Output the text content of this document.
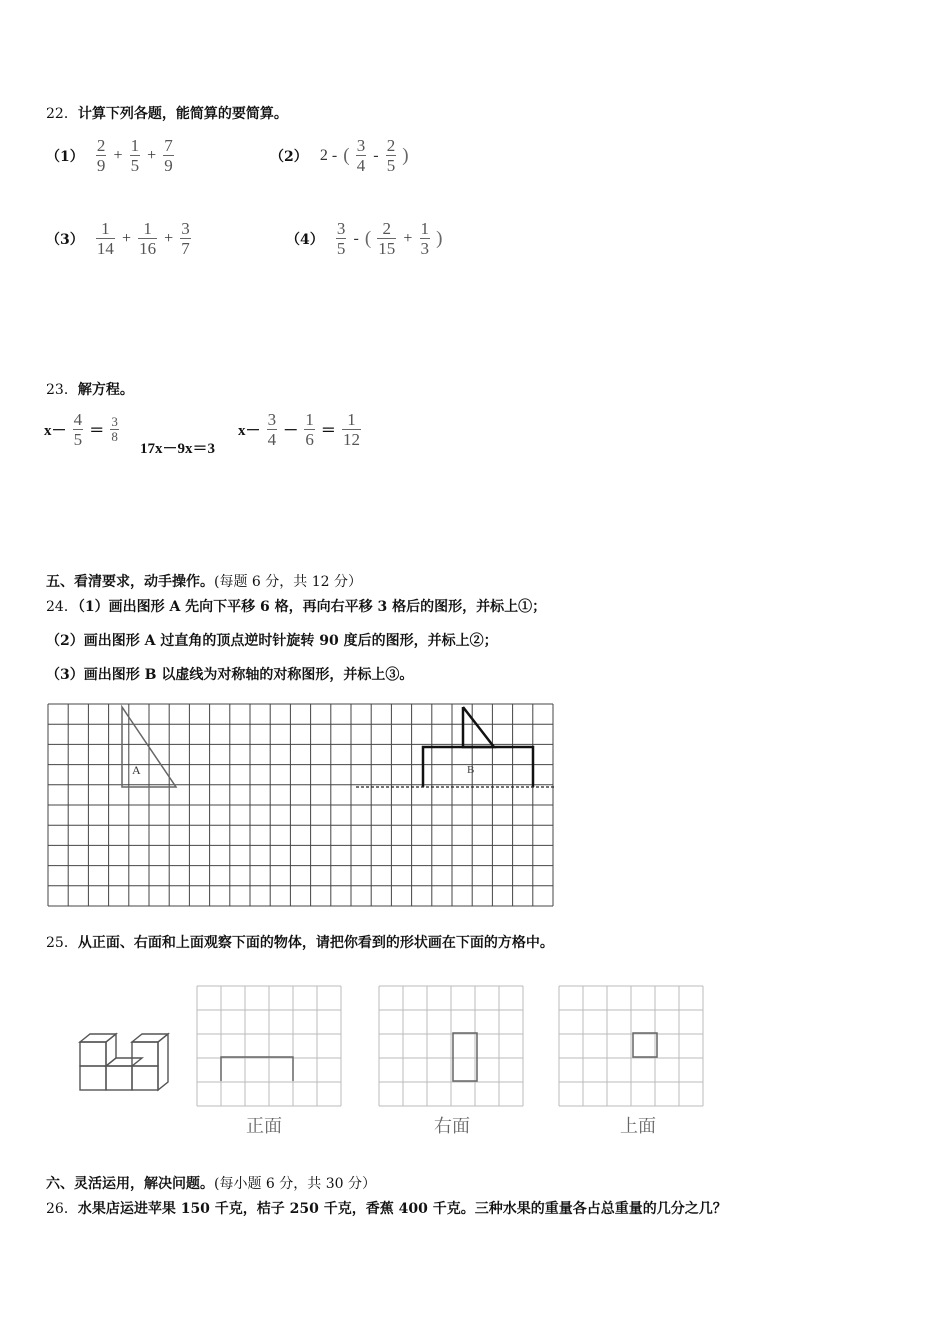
22．计算下列各题，能简算的要简算。
$(1) \frac{2}{9} + \frac{1}{5} + \frac{7}{9}$	（2） 2 - ( $\frac{3}{4} - \frac{2}{5}$ )
$(3) \frac{1}{14} + \frac{1}{16} + \frac{3}{7}$	$(4) \frac{3}{5}$ - ( $\frac{2}{15} + \frac{1}{3}$ )
23．解方程。
$x- \frac{4}{5} = \frac{3}{8}$
17x－9x＝3
$x- \frac{3}{4} - \frac{1}{6} = \frac{1}{12}$
五、看清要求，动手操作。(每题 6 分，共 12 分）
24．（1）画出图形 A 先向下平移 6 格，再向右平移 3 格后的图形，并标上①；
（2）画出图形 A 过直角的顶点逆时针旋转 90 度后的图形，并标上②；
（3）画出图形 B 以虚线为对称轴的对称图形，并标上③。
A	B
25．从正面、右面和上面观察下面的物体，请把你看到的形状画在下面的方格中。
正面	右面	上面
六、灵活运用，解决问题。(每小题 6 分，共 30 分）
26．水果店运进苹果 150 千克，桔子 250 千克，香蕉 400 千克。三种水果的重量各占总重量的几分之几？
